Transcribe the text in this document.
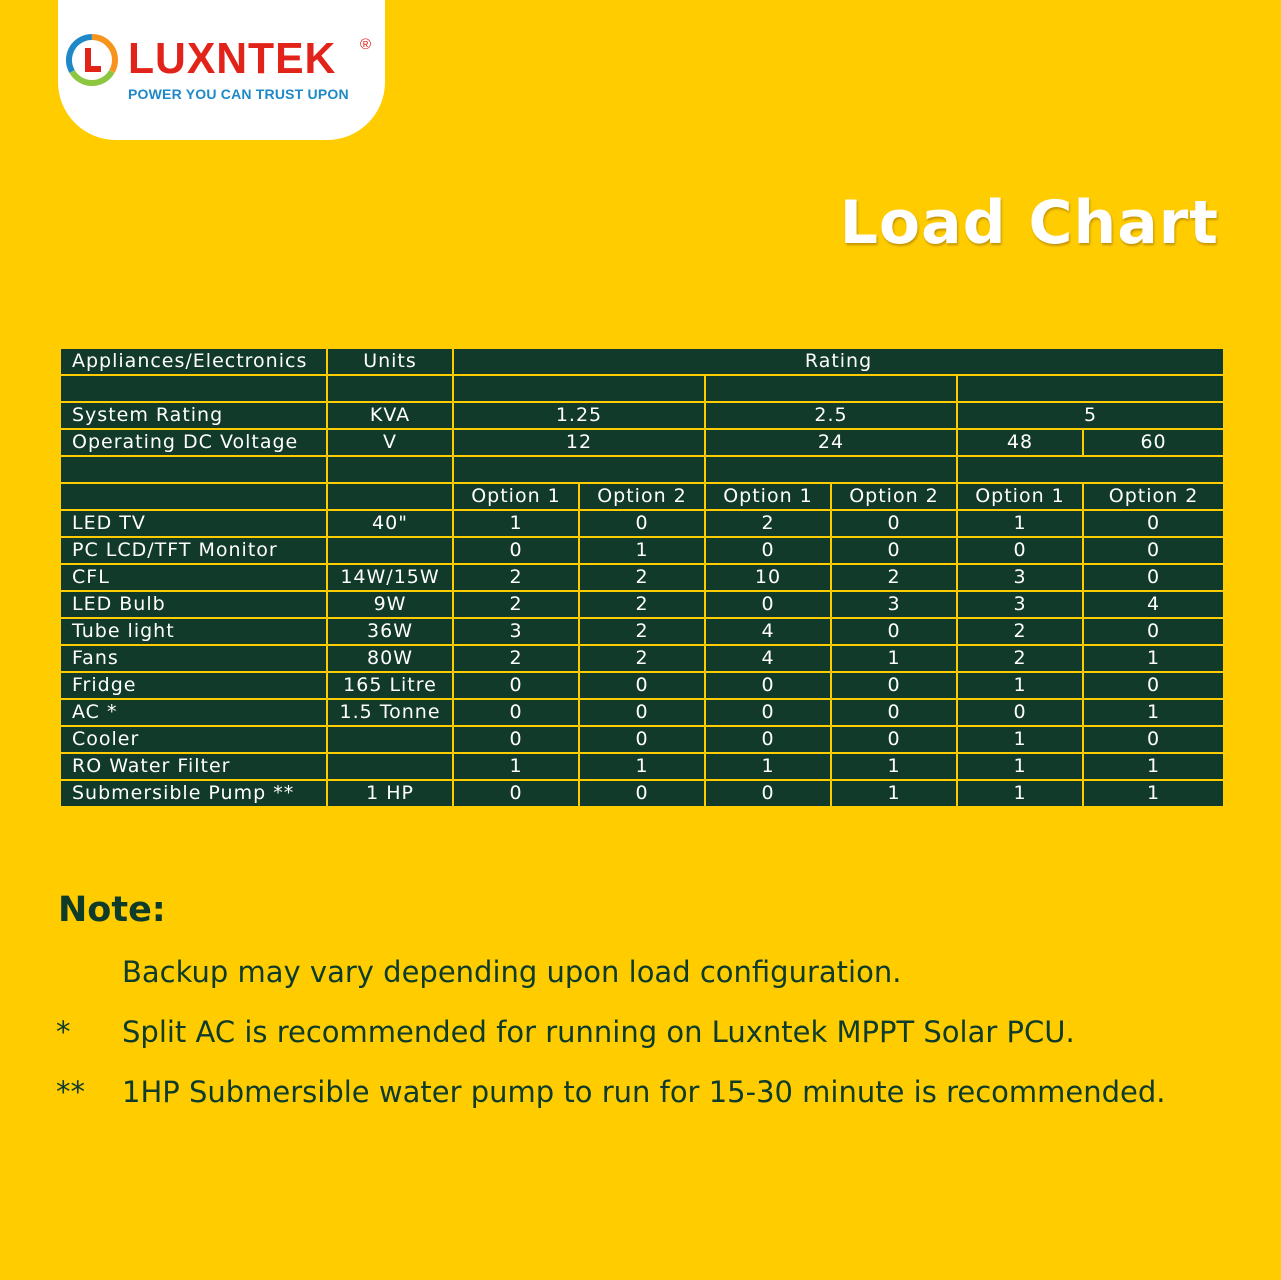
LUXNTEK ®
POWER YOU CAN TRUST UPON
Load Chart
Appliances/Electronics	Units	Rating					

System Rating	KVA	1.25		2.5		5	
Operating DC Voltage	V	12		24		48	60

		Option 1	Option 2	Option 1	Option 2	Option 1	Option 2
LED TV	40"	1	0	2	0	1	0
PC LCD/TFT Monitor		0	1	0	0	0	0
CFL	14W/15W	2	2	10	2	3	0
LED Bulb	9W	2	2	0	3	3	4
Tube light	36W	3	2	4	0	2	0
Fans	80W	2	2	4	1	2	1
Fridge	165 Litre	0	0	0	0	1	0
AC *	1.5 Tonne	0	0	0	0	0	1
Cooler		0	0	0	0	1	0
RO Water Filter		1	1	1	1	1	1
Submersible Pump **	1 HP	0	0	0	1	1	1
Note:
Backup may vary depending upon load configuration.
* Split AC is recommended for running on Luxntek MPPT Solar PCU.
** 1HP Submersible water pump to run for 15-30 minute is recommended.
